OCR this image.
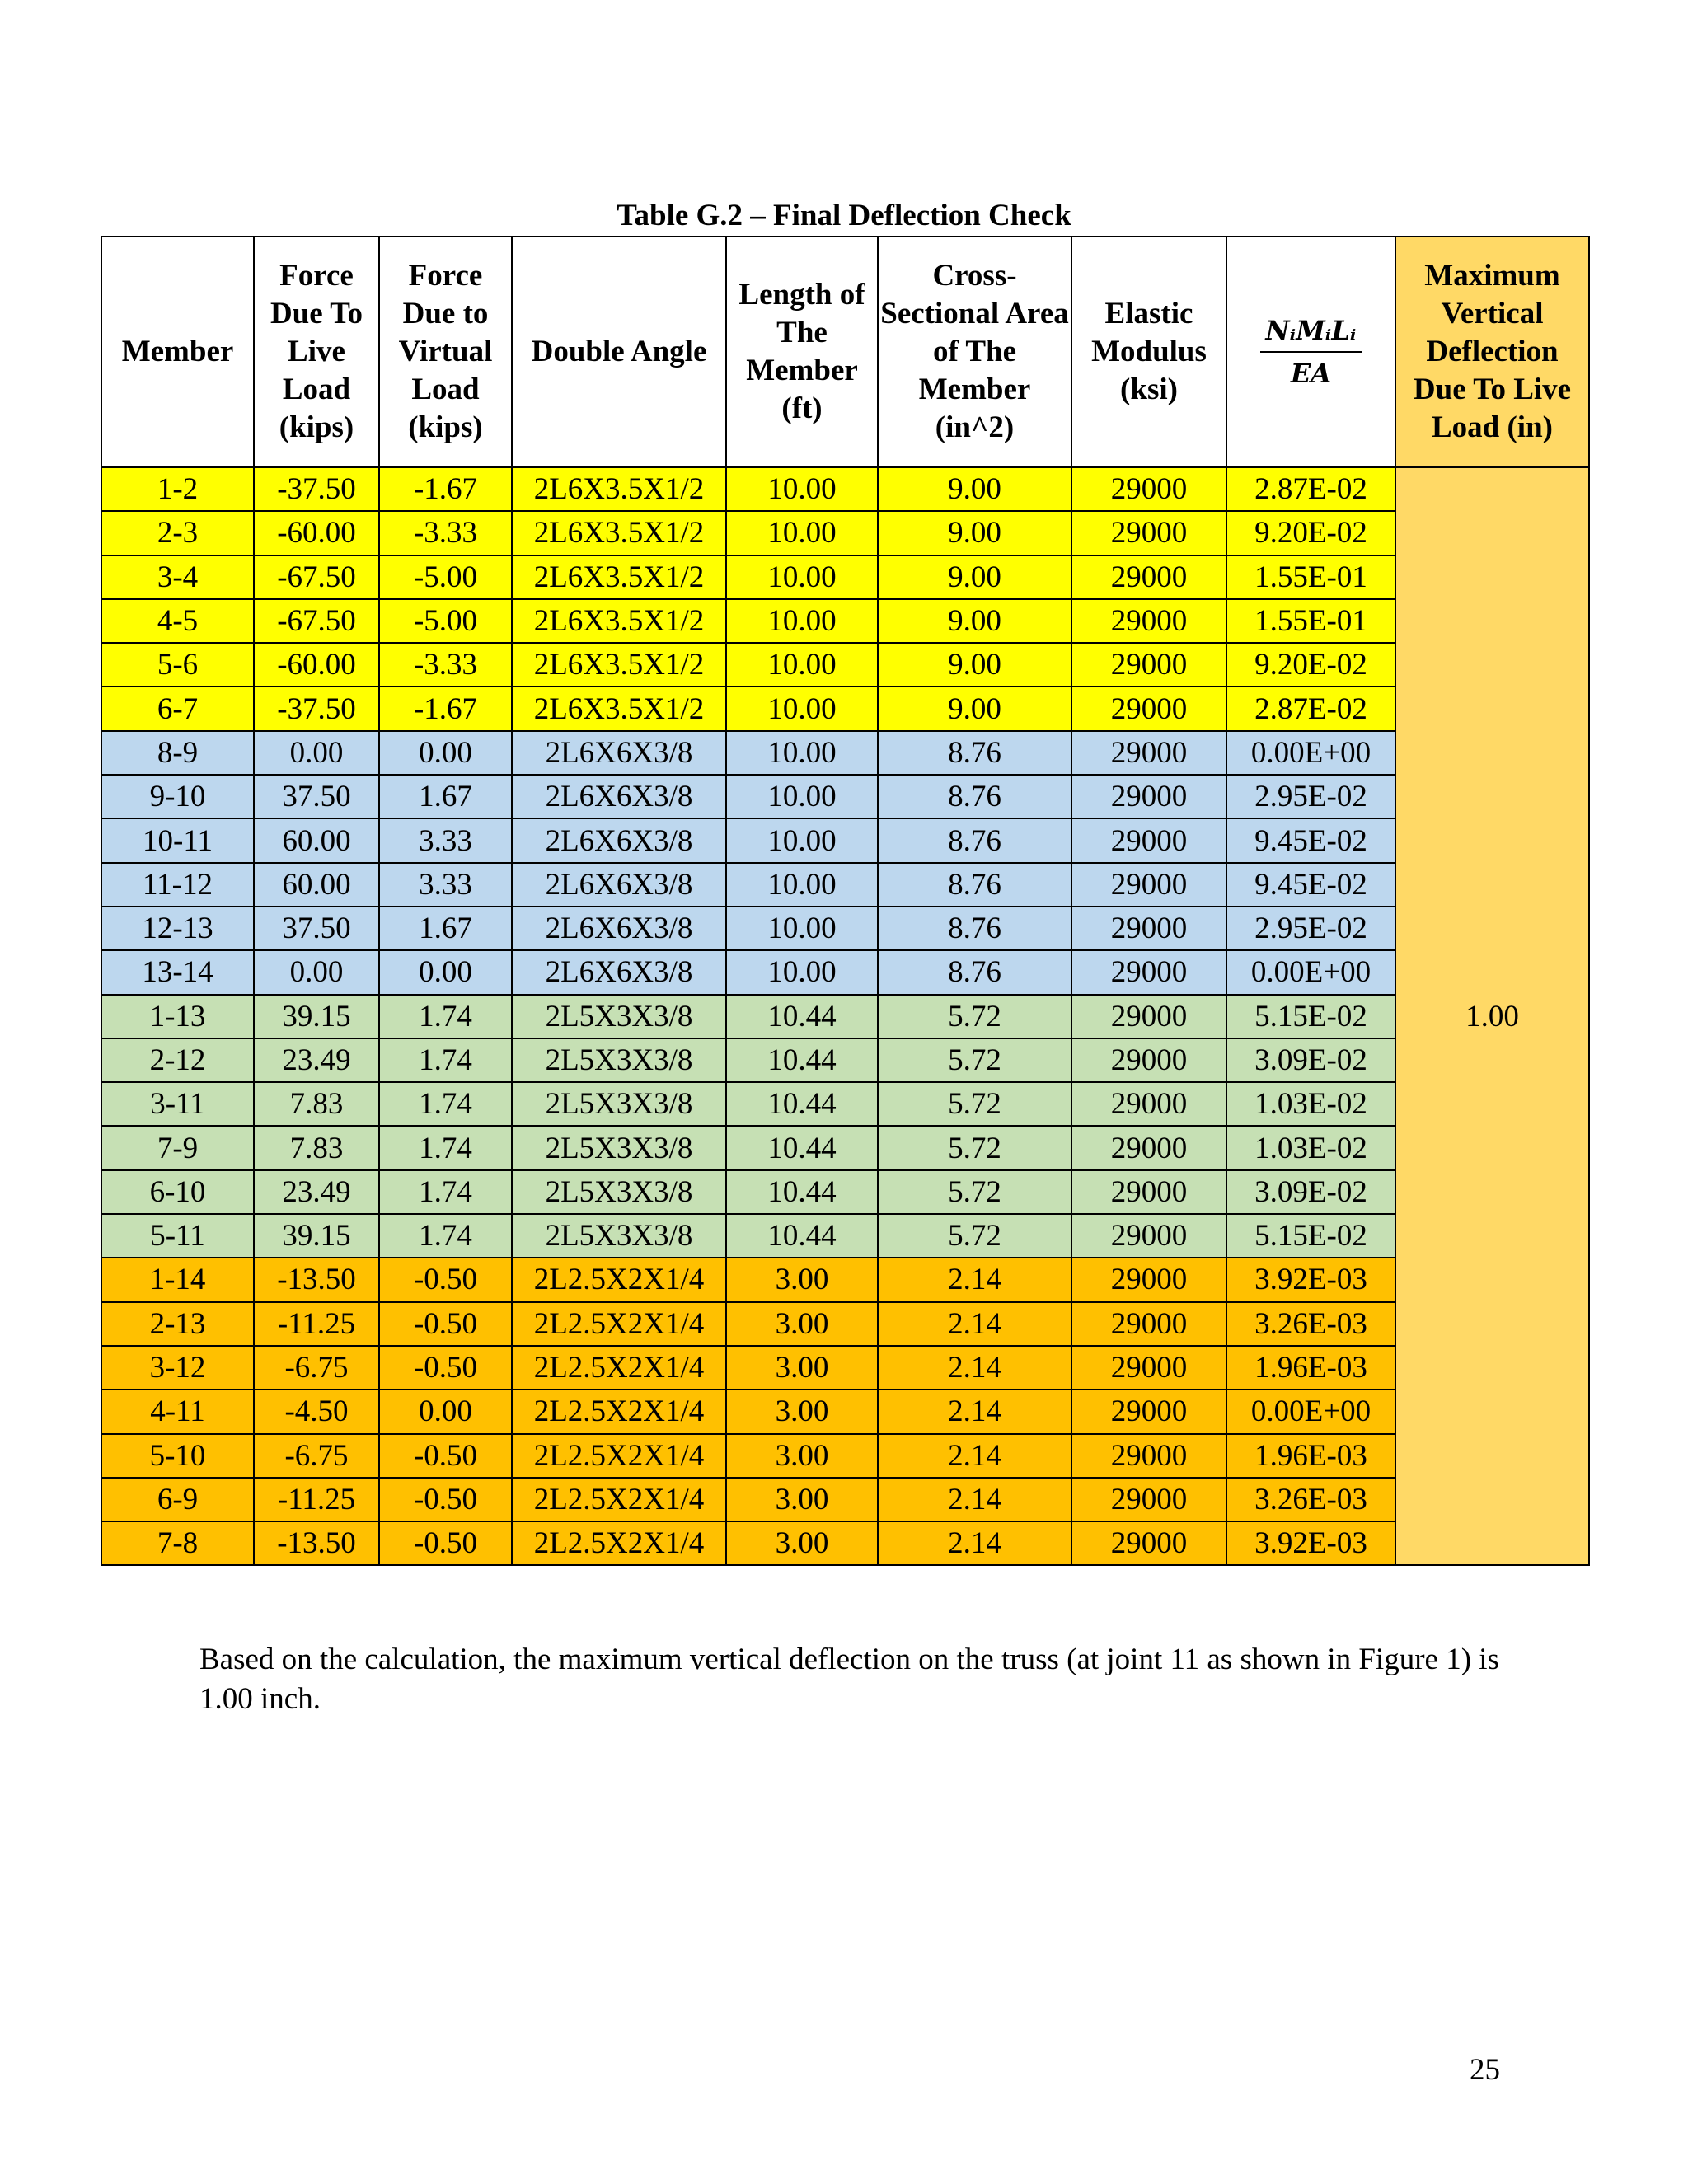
Table G.2 – Final Deflection Check
Member	Force Due To Live Load (kips)	Force Due to Virtual Load (kips)	Double Angle	Length of The Member (ft)	Cross-Sectional Area of The Member (in^2)	Elastic Modulus (ksi)	$\frac{\text{NᵢMᵢLᵢ}}{EA}$	Maximum Vertical Deflection Due To Live Load (in)
1-2	-37.50	-1.67	2L6X3.5X1/2	10.00	9.00	29000	2.87E-02	1.00
2-3	-60.00	-3.33	2L6X3.5X1/2	10.00	9.00	29000	9.20E-02	
3-4	-67.50	-5.00	2L6X3.5X1/2	10.00	9.00	29000	1.55E-01	
4-5	-67.50	-5.00	2L6X3.5X1/2	10.00	9.00	29000	1.55E-01	
5-6	-60.00	-3.33	2L6X3.5X1/2	10.00	9.00	29000	9.20E-02	
6-7	-37.50	-1.67	2L6X3.5X1/2	10.00	9.00	29000	2.87E-02	
8-9	0.00	0.00	2L6X6X3/8	10.00	8.76	29000	0.00E+00	
9-10	37.50	1.67	2L6X6X3/8	10.00	8.76	29000	2.95E-02	
10-11	60.00	3.33	2L6X6X3/8	10.00	8.76	29000	9.45E-02	
11-12	60.00	3.33	2L6X6X3/8	10.00	8.76	29000	9.45E-02	
12-13	37.50	1.67	2L6X6X3/8	10.00	8.76	29000	2.95E-02	
13-14	0.00	0.00	2L6X6X3/8	10.00	8.76	29000	0.00E+00	
1-13	39.15	1.74	2L5X3X3/8	10.44	5.72	29000	5.15E-02	
2-12	23.49	1.74	2L5X3X3/8	10.44	5.72	29000	3.09E-02	
3-11	7.83	1.74	2L5X3X3/8	10.44	5.72	29000	1.03E-02	
7-9	7.83	1.74	2L5X3X3/8	10.44	5.72	29000	1.03E-02	
6-10	23.49	1.74	2L5X3X3/8	10.44	5.72	29000	3.09E-02	
5-11	39.15	1.74	2L5X3X3/8	10.44	5.72	29000	5.15E-02	
1-14	-13.50	-0.50	2L2.5X2X1/4	3.00	2.14	29000	3.92E-03	
2-13	-11.25	-0.50	2L2.5X2X1/4	3.00	2.14	29000	3.26E-03	
3-12	-6.75	-0.50	2L2.5X2X1/4	3.00	2.14	29000	1.96E-03	
4-11	-4.50	0.00	2L2.5X2X1/4	3.00	2.14	29000	0.00E+00	
5-10	-6.75	-0.50	2L2.5X2X1/4	3.00	2.14	29000	1.96E-03	
6-9	-11.25	-0.50	2L2.5X2X1/4	3.00	2.14	29000	3.26E-03	
7-8	-13.50	-0.50	2L2.5X2X1/4	3.00	2.14	29000	3.92E-03	
Based on the calculation, the maximum vertical deflection on the truss (at joint 11 as shown in Figure 1) is 1.00 inch.
25
